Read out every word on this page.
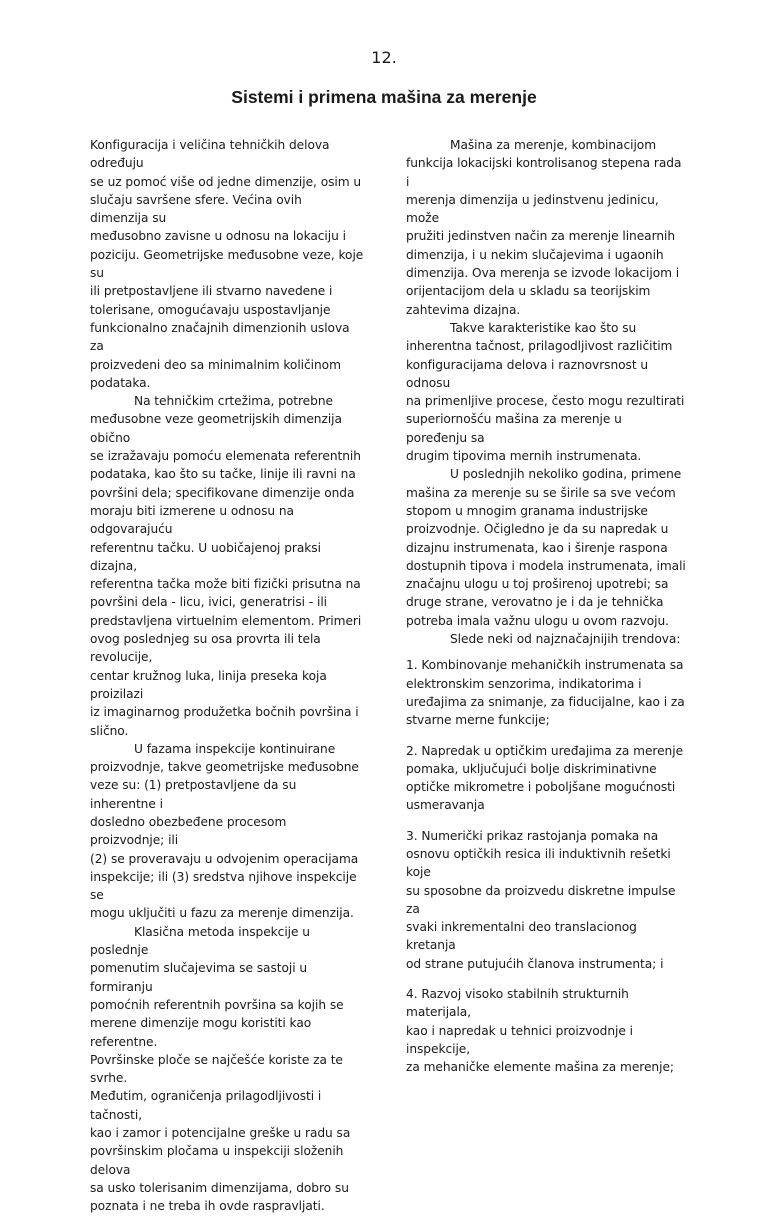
12.
Sistemi i primena mašina za merenje

Konfiguracija i veličina tehničkih delova određuju
se uz pomoć više od jedne dimenzije, osim u
slučaju savršene sfere. Većina ovih dimenzija su
međusobno zavisne u odnosu na lokaciju i
poziciju. Geometrijske međusobne veze, koje su
ili pretpostavljene ili stvarno navedene i
tolerisane, omogućavaju uspostavljanje
funkcionalno značajnih dimenzionih uslova za
proizvedeni deo sa minimalnim količinom
podataka.

Na tehničkim crtežima, potrebne
međusobne veze geometrijskih dimenzija obično
se izražavaju pomoću elemenata referentnih
podataka, kao što su tačke, linije ili ravni na
površini dela; specifikovane dimenzije onda
moraju biti izmerene u odnosu na odgovarajuću
referentnu tačku. U uobičajenoj praksi dizajna,
referentna tačka može biti fizički prisutna na
površini dela - licu, ivici, generatrisi - ili
predstavljena virtuelnim elementom. Primeri
ovog poslednjeg su osa provrta ili tela revolucije,
centar kružnog luka, linija preseka koja proizilazi
iz imaginarnog produžetka bočnih površina i
slično.

U fazama inspekcije kontinuirane
proizvodnje, takve geometrijske međusobne
veze su: (1) pretpostavljene da su inherentne i
dosledno obezbeđene procesom proizvodnje; ili
(2) se proveravaju u odvojenim operacijama
inspekcije; ili (3) sredstva njihove inspekcije se
mogu uključiti u fazu za merenje dimenzija.

Klasična metoda inspekcije u poslednje
pomenutim slučajevima se sastoji u formiranju
pomoćnih referentnih površina sa kojih se
merene dimenzije mogu koristiti kao referentne.
Površinske ploče se najčešće koriste za te svrhe.
Međutim, ograničenja prilagodljivosti i tačnosti,
kao i zamor i potencijalne greške u radu sa
površinskim pločama u inspekciji složenih delova
sa usko tolerisanim dimenzijama, dobro su
poznata i ne treba ih ovde raspravljati.

Mašina za merenje, kombinacijom
funkcija lokacijski kontrolisanog stepena rada i
merenja dimenzija u jedinstvenu jedinicu, može
pružiti jedinstven način za merenje linearnih
dimenzija, i u nekim slučajevima i ugaonih
dimenzija. Ova merenja se izvode lokacijom i
orijentacijom dela u skladu sa teorijskim
zahtevima dizajna.

Takve karakteristike kao što su
inherentna tačnost, prilagodljivost različitim
konfiguracijama delova i raznovrsnost u odnosu
na primenljive procese, često mogu rezultirati
superiornošću mašina za merenje u poređenju sa
drugim tipovima mernih instrumenata.

U poslednjih nekoliko godina, primene
mašina za merenje su se širile sa sve većom
stopom u mnogim granama industrijske
proizvodnje. Očigledno je da su napredak u
dizajnu instrumenata, kao i širenje raspona
dostupnih tipova i modela instrumenata, imali
značajnu ulogu u toj proširenoj upotrebi; sa
druge strane, verovatno je i da je tehnička
potreba imala važnu ulogu u ovom razvoju.

Slede neki od najznačajnijih trendova:

1. Kombinovanje mehaničkih instrumenata sa
elektronskim senzorima, indikatorima i
uređajima za snimanje, za fiducijalne, kao i za
stvarne merne funkcije;

2. Napredak u optičkim uređajima za merenje
pomaka, uključujući bolje diskriminativne
optičke mikrometre i poboljšane mogućnosti
usmeravanja

3. Numerički prikaz rastojanja pomaka na
osnovu optičkih resica ili induktivnih rešetki koje
su sposobne da proizvedu diskretne impulse za
svaki inkrementalni deo translacionog kretanja
od strane putujućih članova instrumenta; i

4. Razvoj visoko stabilnih strukturnih materijala,
kao i napredak u tehnici proizvodnje i inspekcije,
za mehaničke elemente mašina za merenje;
